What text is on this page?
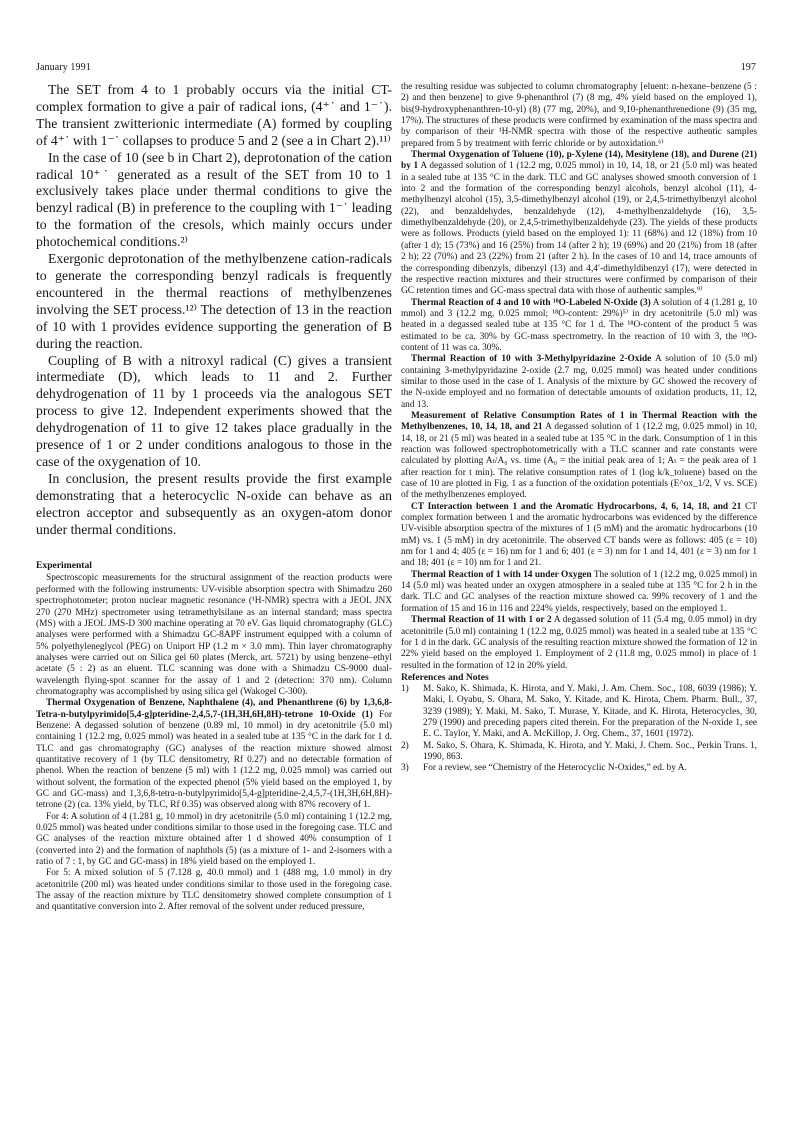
January 1991	197

The SET from 4 to 1 probably occurs via the initial CT-complex formation to give a pair of radical ions, (4⁺˙ and 1⁻˙). The transient zwitterionic intermediate (A) formed by coupling of 4⁺˙ with 1⁻˙ collapses to produce 5 and 2 (see a in Chart 2).¹¹⁾

In the case of 10 (see b in Chart 2), deprotonation of the cation radical 10⁺˙ generated as a result of the SET from 10 to 1 exclusively takes place under thermal conditions to give the benzyl radical (B) in preference to the coupling with 1⁻˙ leading to the formation of the cresols, which mainly occurs under photochemical conditions.²⁾

Exergonic deprotonation of the methylbenzene cation-radicals to generate the corresponding benzyl radicals is frequently encountered in the thermal reactions of methylbenzenes involving the SET process.¹²⁾ The detection of 13 in the reaction of 10 with 1 provides evidence supporting the generation of B during the reaction.

Coupling of B with a nitroxyl radical (C) gives a transient intermediate (D), which leads to 11 and 2. Further dehydrogenation of 11 by 1 proceeds via the analogous SET process to give 12. Independent experiments showed that the dehydrogenation of 11 to give 12 takes place gradually in the presence of 1 or 2 under conditions analogous to those in the case of the oxygenation of 10.

In conclusion, the present results provide the first example demonstrating that a heterocyclic N-oxide can behave as an electron acceptor and subsequently as an oxygen-atom donor under thermal conditions.

Experimental

Spectroscopic measurements for the structural assignment of the reaction products were performed with the following instruments: UV-visible absorption spectra with Shimadzu 260 spectrophotometer; proton nuclear magnetic resonance (¹H-NMR) spectra with a JEOL JNX 270 (270 MHz) spectrometer using tetramethylsilane as an internal standard; mass spectra (MS) with a JEOL JMS-D 300 machine operating at 70 eV. Gas liquid chromatography (GLC) analyses were performed with a Shimadzu GC-8APF instrument equipped with a column of 5% polyethyleneglycol (PEG) on Uniport HP (1.2 m × 3.0 mm). Thin layer chromatography analyses were carried out on Silica gel 60 plates (Merck, art. 5721) by using benzene–ethyl acetate (5 : 2) as an eluent. TLC scanning was done with a Shimadzu CS-9000 dual-wavelength flying-spot scanner for the assay of 1 and 2 (detection: 370 nm). Column chromatography was accomplished by using silica gel (Wakogel C-300).

Thermal Oxygenation of Benzene, Naphthalene (4), and Phenanthrene (6) by 1,3,6,8-Tetra-n-butylpyrimido[5,4-g]pteridine-2,4,5,7-(1H,3H,6H,8H)-tetrone 10-Oxide (1) For Benzene: A degassed solution of benzene (0.89 ml, 10 mmol) in dry acetonitrile (5.0 ml) containing 1 (12.2 mg, 0.025 mmol) was heated in a sealed tube at 135 °C in the dark for 1 d. TLC and gas chromatography (GC) analyses of the reaction mixture showed almost quantitative recovery of 1 (by TLC densitometry, Rf 0.27) and no detectable formation of phenol. When the reaction of benzene (5 ml) with 1 (12.2 mg, 0.025 mmol) was carried out without solvent, the formation of the expected phenol (5% yield based on the employed 1, by GC and GC-mass) and 1,3,6,8-tetra-n-butylpyrimido[5,4-g]pteridine-2,4,5,7-(1H,3H,6H,8H)-tetrone (2) (ca. 13% yield, by TLC, Rf 0.35) was observed along with 87% recovery of 1.

For 4: A solution of 4 (1.281 g, 10 mmol) in dry acetonitrile (5.0 ml) containing 1 (12.2 mg, 0.025 mmol) was heated under conditions similar to those used in the foregoing case. TLC and GC analyses of the reaction mixture obtained after 1 d showed 40% consumption of 1 (converted into 2) and the formation of naphthols (5) (as a mixture of 1- and 2-isomers with a ratio of 7 : 1, by GC and GC-mass) in 18% yield based on the employed 1.

For 5: A mixed solution of 5 (7.128 g, 40.0 mmol) and 1 (488 mg, 1.0 mmol) in dry acetonitrile (200 ml) was heated under conditions similar to those used in the foregoing case. The assay of the reaction mixture by TLC densitometry showed complete consumption of 1 and quantitative conversion into 2. After removal of the solvent under reduced pressure,

the resulting residue was subjected to column chromatography [eluent: n-hexane–benzene (5 : 2) and then benzene] to give 9-phenanthrol (7) (8 mg, 4% yield based on the employed 1), bis(9-hydroxyphenanthren-10-yl) (8) (77 mg, 20%), and 9,10-phenanthrenedione (9) (35 mg, 17%). The structures of these products were confirmed by examination of the mass spectra and by comparison of their ¹H-NMR spectra with those of the respective authentic samples prepared from 5 by treatment with ferric chloride or by autoxidation.⁶⁾

Thermal Oxygenation of Toluene (10), p-Xylene (14), Mesitylene (18), and Durene (21) by 1 A degassed solution of 1 (12.2 mg, 0.025 mmol) in 10, 14, 18, or 21 (5.0 ml) was heated in a sealed tube at 135 °C in the dark. TLC and GC analyses showed smooth conversion of 1 into 2 and the formation of the corresponding benzyl alcohols, benzyl alcohol (11), 4-methylbenzyl alcohol (15), 3,5-dimethylbenzyl alcohol (19), or 2,4,5-trimethylbenzyl alcohol (22), and benzaldehydes, benzaldehyde (12), 4-methylbenzaldehyde (16), 3,5-dimethylbenzaldehyde (20), or 2,4,5-trimethylbenzaldehyde (23). The yields of these products were as follows. Products (yield based on the employed 1): 11 (68%) and 12 (18%) from 10 (after 1 d); 15 (73%) and 16 (25%) from 14 (after 2 h); 19 (69%) and 20 (21%) from 18 (after 2 h); 22 (70%) and 23 (22%) from 21 (after 2 h). In the cases of 10 and 14, trace amounts of the corresponding dibenzyls, dibenzyl (13) and 4,4′-dimethyldibenzyl (17), were detected in the respective reaction mixtures and their structures were confirmed by comparison of their GC retention times and GC-mass spectral data with those of authentic samples.⁹⁾

Thermal Reaction of 4 and 10 with ¹⁸O-Labeled N-Oxide (3) A solution of 4 (1.281 g, 10 mmol) and 3 (12.2 mg, 0.025 mmol; ¹⁸O-content: 29%)⁵⁾ in dry acetonitrile (5.0 ml) was heated in a degassed sealed tube at 135 °C for 1 d. The ¹⁸O-content of the product 5 was estimated to be ca. 30% by GC-mass spectrometry. In the reaction of 10 with 3, the ¹⁸O-content of 11 was ca. 30%.

Thermal Reaction of 10 with 3-Methylpyridazine 2-Oxide A solution of 10 (5.0 ml) containing 3-methylpyridazine 2-oxide (2.7 mg, 0.025 mmol) was heated under conditions similar to those used in the case of 1. Analysis of the mixture by GC showed the recovery of the N-oxide employed and no formation of detectable amounts of oxidation products, 11, 12, and 13.

Measurement of Relative Consumption Rates of 1 in Thermal Reaction with the Methylbenzenes, 10, 14, 18, and 21 A degassed solution of 1 (12.2 mg, 0.025 mmol) in 10, 14, 18, or 21 (5 ml) was heated in a sealed tube at 135 °C in the dark. Consumption of 1 in this reaction was followed spectrophotometrically with a TLC scanner and rate constants were calculated by plotting Aₜ/A₀ vs. time (A₀ = the initial peak area of 1; Aₜ = the peak area of 1 after reaction for t min). The relative consumption rates of 1 (log k/k_toluene) based on the case of 10 are plotted in Fig. 1 as a function of the oxidation potentials (E^ox_1/2, V vs. SCE) of the methylbenzenes employed.

CT Interaction between 1 and the Aromatic Hydrocarbons, 4, 6, 14, 18, and 21 CT complex formation between 1 and the aromatic hydrocarbons was evidenced by the difference UV-visible absorption spectra of the mixtures of 1 (5 mM) and the aromatic hydrocarbons (10 mM) vs. 1 (5 mM) in dry acetonitrile. The observed CT bands were as follows: 405 (ε = 10) nm for 1 and 4; 405 (ε = 16) nm for 1 and 6; 401 (ε = 3) nm for 1 and 14, 401 (ε = 3) nm for 1 and 18; 401 (ε = 10) nm for 1 and 21.

Thermal Reaction of 1 with 14 under Oxygen The solution of 1 (12.2 mg, 0.025 mmol) in 14 (5.0 ml) was heated under an oxygen atmosphere in a sealed tube at 135 °C for 2 h in the dark. TLC and GC analyses of the reaction mixture showed ca. 99% recovery of 1 and the formation of 15 and 16 in 116 and 224% yields, respectively, based on the employed 1.

Thermal Reaction of 11 with 1 or 2 A degassed solution of 11 (5.4 mg, 0.05 mmol) in dry acetonitrile (5.0 ml) containing 1 (12.2 mg, 0.025 mmol) was heated in a sealed tube at 135 °C for 1 d in the dark. GC analysis of the resulting reaction mixture showed the formation of 12 in 22% yield based on the employed 1. Employment of 2 (11.8 mg, 0.025 mmol) in place of 1 resulted in the formation of 12 in 20% yield.

References and Notes
1) M. Sako, K. Shimada, K. Hirota, and Y. Maki, J. Am. Chem. Soc., 108, 6039 (1986); Y. Maki, I. Oyabu, S. Ohara, M. Sako, Y. Kitade, and K. Hirota, Chem. Pharm. Bull., 37, 3239 (1989); Y. Maki, M. Sako, T. Murase, Y. Kitade, and K. Hirota, Heterocycles, 30, 279 (1990) and preceding papers cited therein. For the preparation of the N-oxide 1, see E. C. Taylor, Y. Maki, and A. McKillop, J. Org. Chem., 37, 1601 (1972).
2) M. Sako, S. Ohara, K. Shimada, K. Hirota, and Y. Maki, J. Chem. Soc., Perkin Trans. 1, 1990, 863.
3) For a review, see “Chemistry of the Heterocyclic N-Oxides,” ed. by A.
